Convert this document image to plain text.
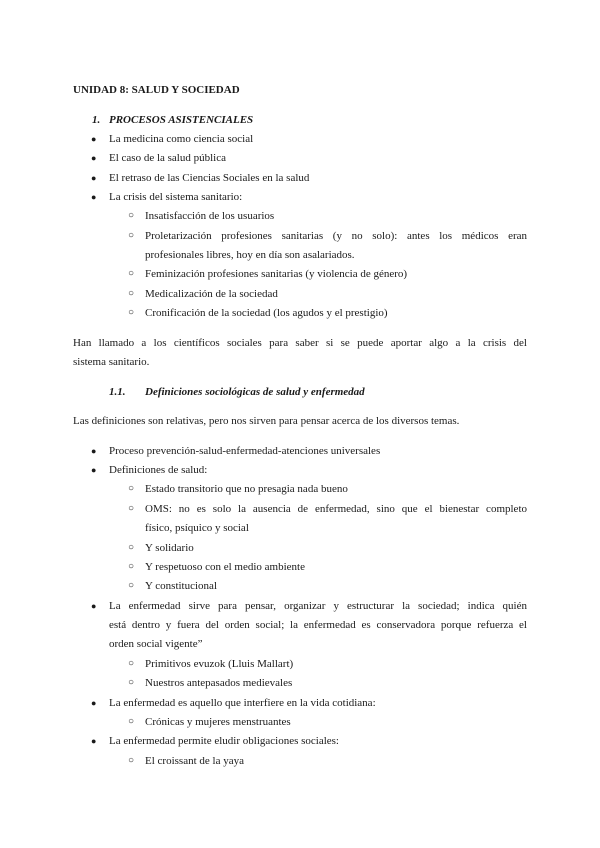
UNIDAD 8: SALUD Y SOCIEDAD

1. PROCESOS ASISTENCIALES

● La medicina como ciencia social

● El caso de la salud pública

● El retraso de las Ciencias Sociales en la salud

● La crisis del sistema sanitario:

○ Insatisfacción de los usuarios

○ Proletarización profesiones sanitarias (y no solo): antes los médicos eran

profesionales libres, hoy en día son asalariados.

○ Feminización profesiones sanitarias (y violencia de género)

○ Medicalización de la sociedad

○ Cronificación de la sociedad (los agudos y el prestigio)

Han llamado a los científicos sociales para saber si se puede aportar algo a la crisis del

sistema sanitario.

1.1. Definiciones sociológicas de salud y enfermedad

Las definiciones son relativas, pero nos sirven para pensar acerca de los diversos temas.

● Proceso prevención-salud-enfermedad-atenciones universales

● Definiciones de salud:

○ Estado transitorio que no presagia nada bueno

○ OMS: no es solo la ausencia de enfermedad, sino que el bienestar completo

físico, psíquico y social

○ Y solidario

○ Y respetuoso con el medio ambiente

○ Y constitucional

● La enfermedad sirve para pensar, organizar y estructurar la sociedad; indica quién

está dentro y fuera del orden social; la enfermedad es conservadora porque refuerza el

orden social vigente”

○ Primitivos evuzok (Lluis Mallart)

○ Nuestros antepasados medievales

● La enfermedad es aquello que interfiere en la vida cotidiana:

○ Crónicas y mujeres menstruantes

● La enfermedad permite eludir obligaciones sociales:

○ El croissant de la yaya
